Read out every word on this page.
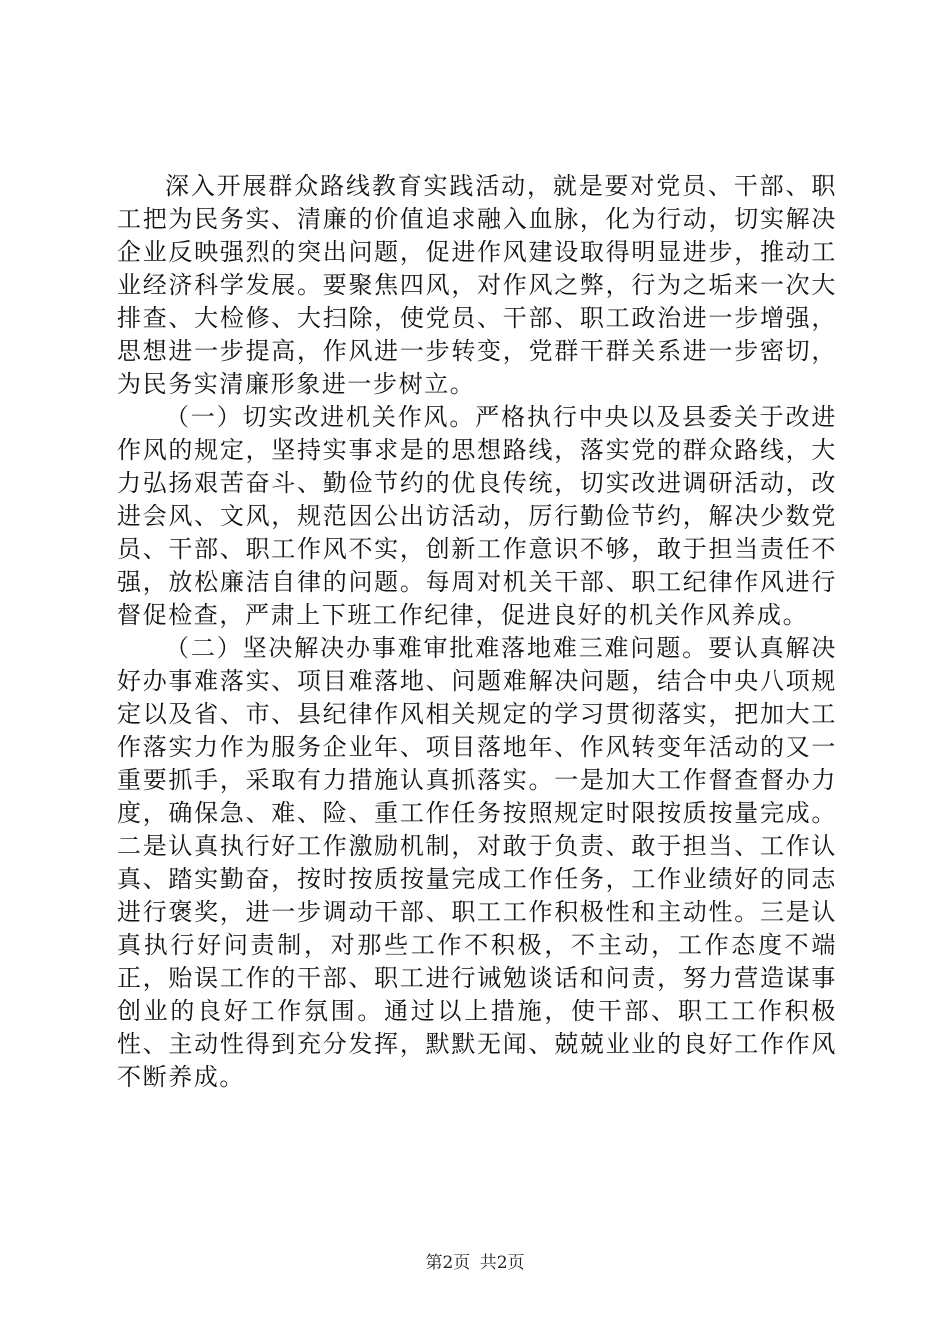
深入开展群众路线教育实践活动，就是要对党员、干部、职工把为民务实、清廉的价值追求融入血脉，化为行动，切实解决企业反映强烈的突出问题，促进作风建设取得明显进步，推动工业经济科学发展。要聚焦四风，对作风之弊，行为之垢来一次大排查、大检修、大扫除，使党员、干部、职工政治进一步增强，思想进一步提高，作风进一步转变，党群干群关系进一步密切，为民务实清廉形象进一步树立。

（一）切实改进机关作风。严格执行中央以及县委关于改进作风的规定，坚持实事求是的思想路线，落实党的群众路线，大力弘扬艰苦奋斗、勤俭节约的优良传统，切实改进调研活动，改进会风、文风，规范因公出访活动，厉行勤俭节约，解决少数党员、干部、职工作风不实，创新工作意识不够，敢于担当责任不强，放松廉洁自律的问题。每周对机关干部、职工纪律作风进行督促检查，严肃上下班工作纪律，促进良好的机关作风养成。

（二）坚决解决办事难审批难落地难三难问题。要认真解决好办事难落实、项目难落地、问题难解决问题，结合中央八项规定以及省、市、县纪律作风相关规定的学习贯彻落实，把加大工作落实力作为服务企业年、项目落地年、作风转变年活动的又一重要抓手，采取有力措施认真抓落实。一是加大工作督查督办力度，确保急、难、险、重工作任务按照规定时限按质按量完成。二是认真执行好工作激励机制，对敢于负责、敢于担当、工作认真、踏实勤奋，按时按质按量完成工作任务，工作业绩好的同志进行褒奖，进一步调动干部、职工工作积极性和主动性。三是认真执行好问责制，对那些工作不积极，不主动，工作态度不端正，贻误工作的干部、职工进行诫勉谈话和问责，努力营造谋事创业的良好工作氛围。通过以上措施，使干部、职工工作积极性、主动性得到充分发挥，默默无闻、兢兢业业的良好工作作风不断养成。

第2页 共2页
